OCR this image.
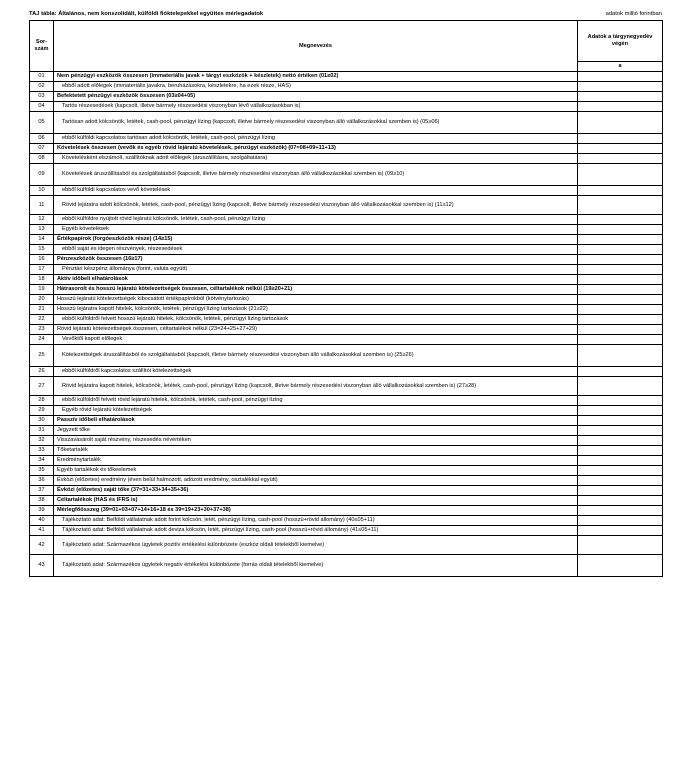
TAJ tábla: Általános, nem konszolidált, külföldi fióktelepekkel együttes mérlegadatok	adatok millió forintban
Sor-szám	Megnevezés	Adatok a tárgynegyedév végén
		a
01	Nem pénzügyi eszközök összesen (immateriális javak + tárgyi eszközök + készletek) nettó értéken (01≥02)	
02	ebből adott előlegek (immateriális javakra, beruházásokra, készletekre, ha ezek része, HAS)	
03	Befektetett pénzügyi eszközök összesen (03≥04+05)	
04	Tartós részesedések (kapcsolt, illetve bármely részesedési viszonyban lévő vállalkozásokban is)	
05	Tartósan adott kölcsönök, letétek, cash-pool, pénzügyi lízing (kapcsolt, illetve bármely részesedési viszonyban álló vállalkozásokkal szemben is) (05≥06)	
06	ebből külföldi kapcsolatos tartósan adott kölcsönök, letétek, cash-pool, pénzügyi lízing	
07	Követelések összesen (vevők és egyéb rövid lejáratú követelések, pénzügyi eszközök) (07=08+09+11+13)	
08	Követelésként elszámolt, szállítóknak adott előlegek (áruszállításra, szolgáltatásra)	
09	Követelések áruszállításból és szolgáltatásból (kapcsolt, illetve bármely részesedési viszonyban álló vállalkozásokkal szemben is) (09≥10)	
10	ebből külföldi kapcsolatos vevő követelések	
11	Rövid lejáratra adott kölcsönök, letétek, cash-pool, pénzügyi lízing (kapcsolt, illetve bármely részesedési viszonyban álló vállalkozásokkal szemben is) (11≥12)	
12	ebből külföldre nyújtott rövid lejáratú kölcsönök, letétek, cash-pool, pénzügyi lízing	
13	Egyéb követelések	
14	Értékpapírok (forgóeszközök része) (14≥15)	
15	ebből saját és idegen részvények, részesedések	
16	Pénzeszközök összesen (16≥17)	
17	Pénztári készpénz állománya (forint, valuta együtt)	
18	Aktív időbeli elhatárolások	
19	Hátrasorolt és hosszú lejáratú kötelezettségek összesen, céltartalékok nélkül (19≥20+21)	
20	Hosszú lejáratú kötelezettségek kibocsátott értékpapírokból (kötvénytartozás)	
21	Hosszú lejáratra kapott hitelek, kölcsönök, letétek, pénzügyi lízing tartozások (21≥22)	
22	ebből külföldről felvett hosszú lejáratú hitelek, kölcsönök, letétek, pénzügyi lízing tartozások	
23	Rövid lejáratú kötelezettségek összesen, céltartalékok nélkül (23=24+25+27+29)	
24	Vevőktől kapott előlegek	
25	Kötelezettségek áruszállításból és szolgáltatásból (kapcsolt, illetve bármely részesedési viszonyban álló vállalkozásokkal szemben is) (25≥26)	
26	ebből külföldről kapcsolatos szállítói kötelezettségek	
27	Rövid lejáratra kapott hitelek, kölcsönök, letétek, cash-pool, pénzügyi lízing (kapcsolt, illetve bármely részesedési viszonyban álló vállalkozásokkal szemben is) (27≥28)	
28	ebből külföldről felvett rövid lejáratú hitelek, kölcsönök, letétek, cash-pool, pénzügyi lízing	
29	Egyéb rövid lejáratú kötelezettségek	
30	Passzív időbeli elhatárolások	
31	Jegyzett tőke	
32	Visszavásárolt saját részvény, részesedés névértéken	
33	Tőketartalék	
34	Eredménytartalék	
35	Egyéb tartalékok és tőkeelemek	
36	Évközi (előzetes) eredmény (éven belül halmozott, adózott eredmény, osztalékkal együtt)	
37	Évközi (előzetes) saját tőke (37=31+33+34+35+36)	
38	Céltartalékok (HAS és IFRS is)	
39	Mérlegfőösszeg (39=01+03+07+14+16+18 és 39=19+23+30+37+38)	
40	Tájékoztató adat: Belföldi vállalatnak adott forint kölcsön, letét, pénzügyi lízing, cash-pool (hosszú+rövid állomány) (40≤05+11)	
41	Tájékoztató adat: Belföldi vállalatnak adott deviza kölcsön, letét, pénzügyi lízing, cash-pool (hosszú+rövid állomány) (41≤05+11)	
42	Tájékoztató adat: Származékos ügyletek pozitív értékelési különbözete (eszköz oldali tételekből kiemelve)	
43	Tájékoztató adat: Származékos ügyletek negatív értékelési különbözete (forrás oldali tételekből kiemelve)	
